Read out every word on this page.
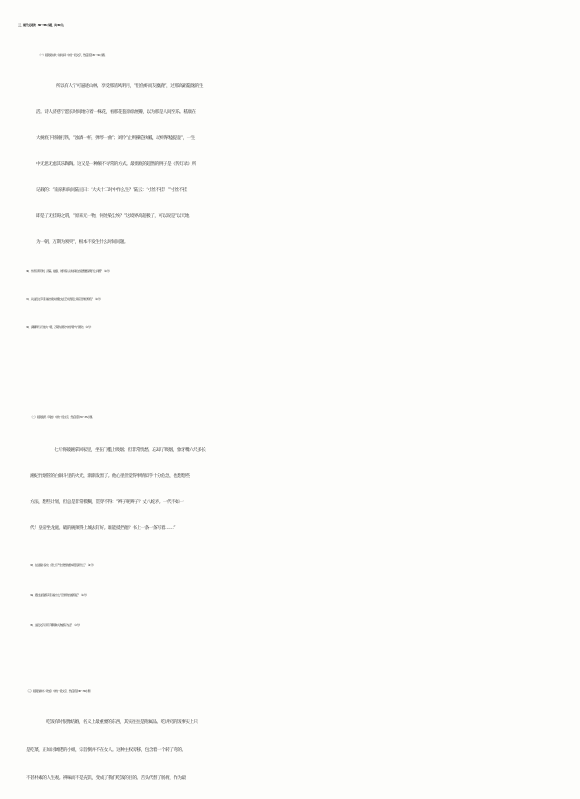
三、现代文阅读：30～38 小题，共 30 分。
（一）阅读梁实秋《谈时间》中的一段文字，然后回答 30～32 小题。
所以有人宁可逼迹山林，享受那清风明月，“侣鱼虾而友麋鹿”，过那高蹈隐逸的生
活。诗人济慈宁愿长时间地守着一株花，看那花苞徐徐展瓣，以为那是人间至乐。嵇康在
大树底下扬锤打铁，“浊酒一杯，弹琴一曲”；刘伶“止则操卮执觚，动则挈榼提壶”，一生
中无思无虑其乐陶陶。这又是一种颇不寻常的方式。最彻底的超然的例子是《传灯录》所
记载的：“南泉和尚问陆亘曰：‘大夫十二时中作么生？’陆云：‘寸丝不挂！’”寸丝不挂
即是了无挂碍之谓，“原来无一物，何处染尘埃？”这境界高超极了，可以说是“以天地
为一朝，万期为须臾”，根本不发生什么时间问题。
30．作者引用苏轼、济慈、嵇康、刘伶等人对时间的态度想要说明什么问题？（4 分）
31．从这段文字可以看出梁实秋散文在艺术表现上具有怎样的特色？（4 分）
32．请解释“以天地为一朝，万期为须臾”中的“朝”与“须臾”。（2 分）
（二）阅读鲁迅《风波》中的一段文字，然后回答 33～35 小题。
七斤将破碗拿回家里，坐在门槛上吸烟；但非常忧愁，忘却了吸烟，象牙嘴六尺多长
湘妃竹烟管的白铜斗里的火光，渐渐发黑了。他心里但觉得事情似乎十分危急，也想想些
方法，想些计划，但总是非常模糊，贯穿不得：“辫子呢辫子？丈八蛇矛。一代不如一
代！皇帝坐龙庭。破的碗须得上城去钉好。谁能抵挡他？书上一条一条写着……”
33．在这篇小说中，使七斤产生忧愁的根本原因是什么？（4 分）
34．通过这段描写可以看出七斤怎样的性格特征？（4 分）
35．这段文字运用了哪两种人物描写方法？（2 分）
（三）阅读钱钟书《吃饭》中的一段文字，然后回答 36～38 小题
吃饭有时很像结婚，名义上最重要的东西，其实往往是附属品。吃讲究的饭事实上只
是吃菜，正如讨阔佬的小姐，宗旨倒并不在女人。这种主权旁移，包含着一个转了弯的、
不甚朴素的人生观。辨味而不是充饥，变成了我们吃饭的目的。舌头代替了肠胃，作为最
